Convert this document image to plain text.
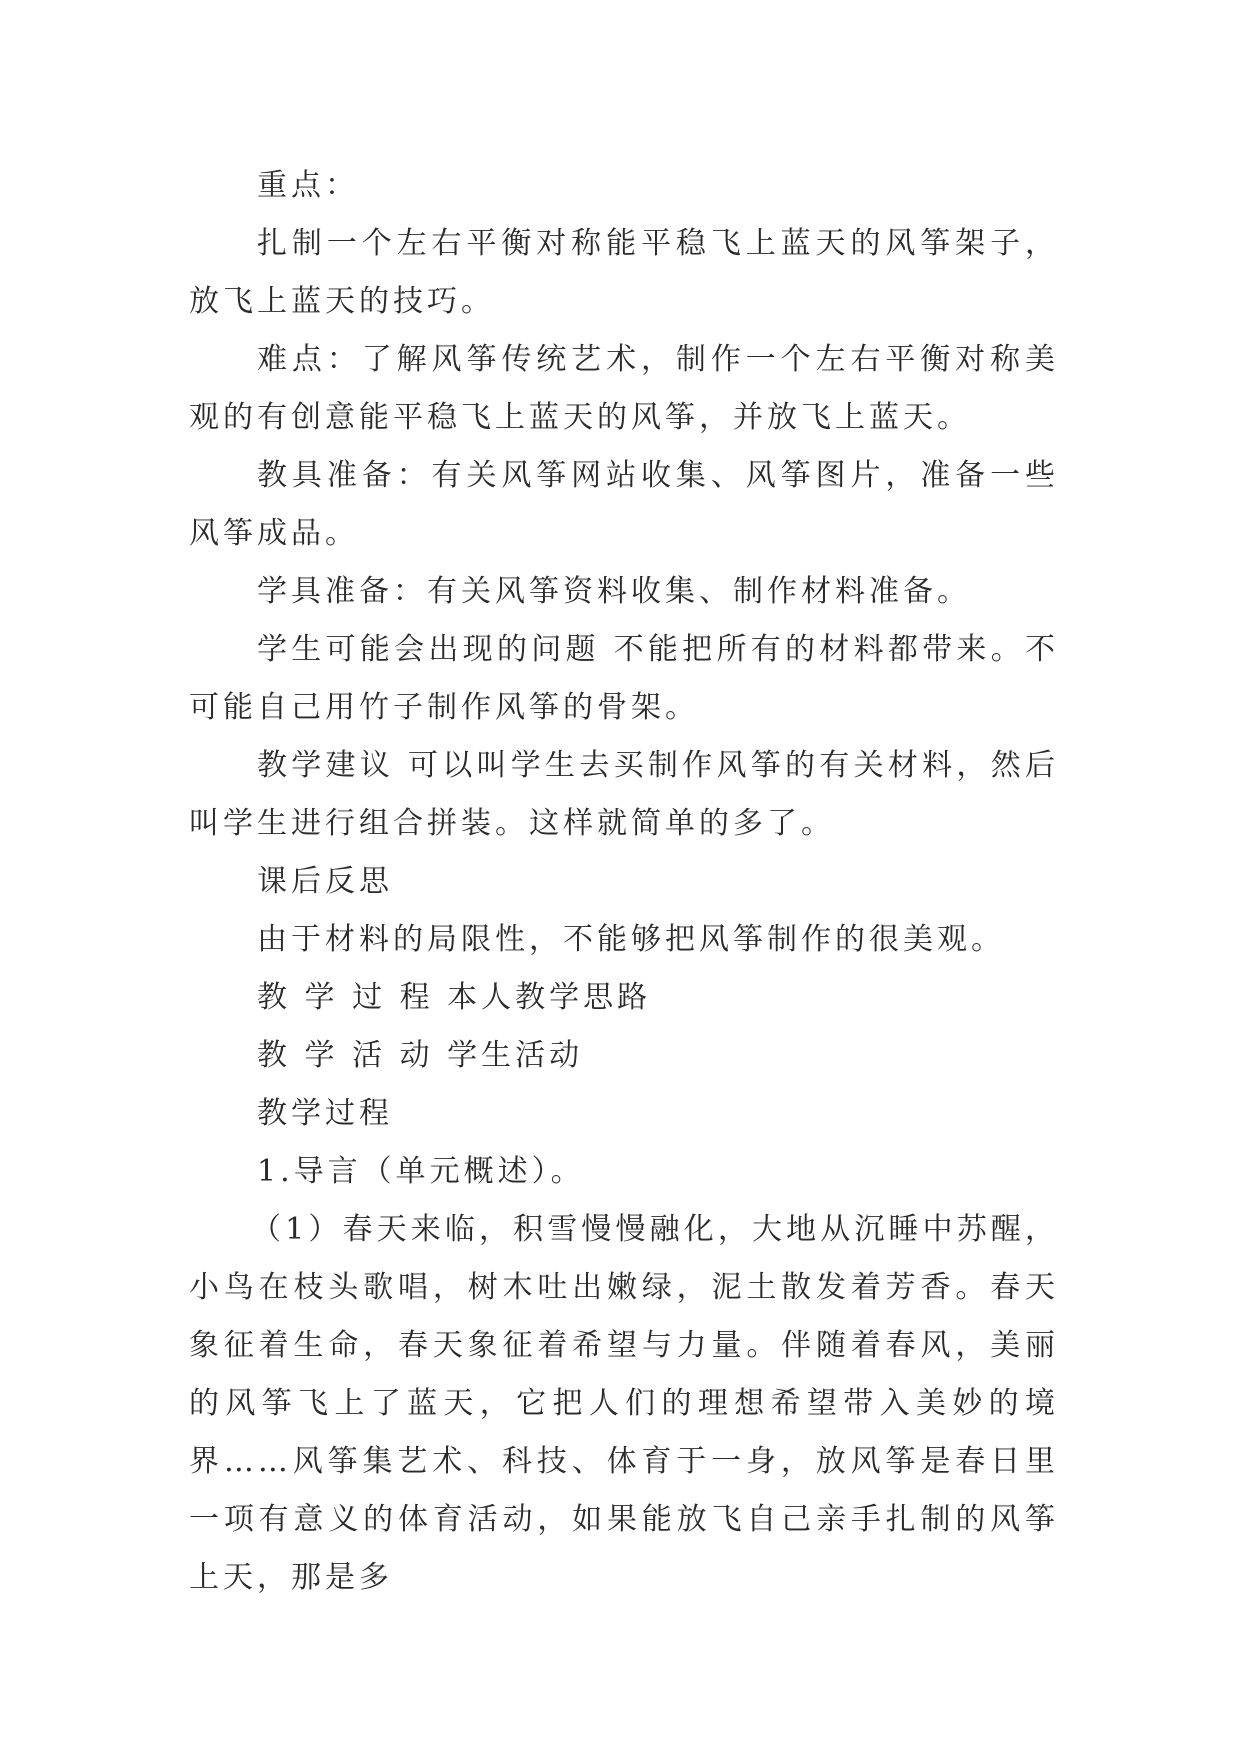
重点：

扎制一个左右平衡对称能平稳飞上蓝天的风筝架子，放飞上蓝天的技巧。

难点：了解风筝传统艺术，制作一个左右平衡对称美观的有创意能平稳飞上蓝天的风筝，并放飞上蓝天。

教具准备：有关风筝网站收集、风筝图片，准备一些风筝成品。

学具准备：有关风筝资料收集、制作材料准备。

学生可能会出现的问题 不能把所有的材料都带来。不可能自己用竹子制作风筝的骨架。

教学建议 可以叫学生去买制作风筝的有关材料，然后叫学生进行组合拼装。这样就简单的多了。

课后反思

由于材料的局限性，不能够把风筝制作的很美观。

教 学 过 程 本人教学思路

教 学 活 动 学生活动

教学过程

1.导言（单元概述）。

（1）春天来临，积雪慢慢融化，大地从沉睡中苏醒，小鸟在枝头歌唱，树木吐出嫩绿，泥土散发着芳香。春天象征着生命，春天象征着希望与力量。伴随着春风，美丽的风筝飞上了蓝天，它把人们的理想希望带入美妙的境界……风筝集艺术、科技、体育于一身，放风筝是春日里一项有意义的体育活动，如果能放飞自己亲手扎制的风筝上天，那是多
